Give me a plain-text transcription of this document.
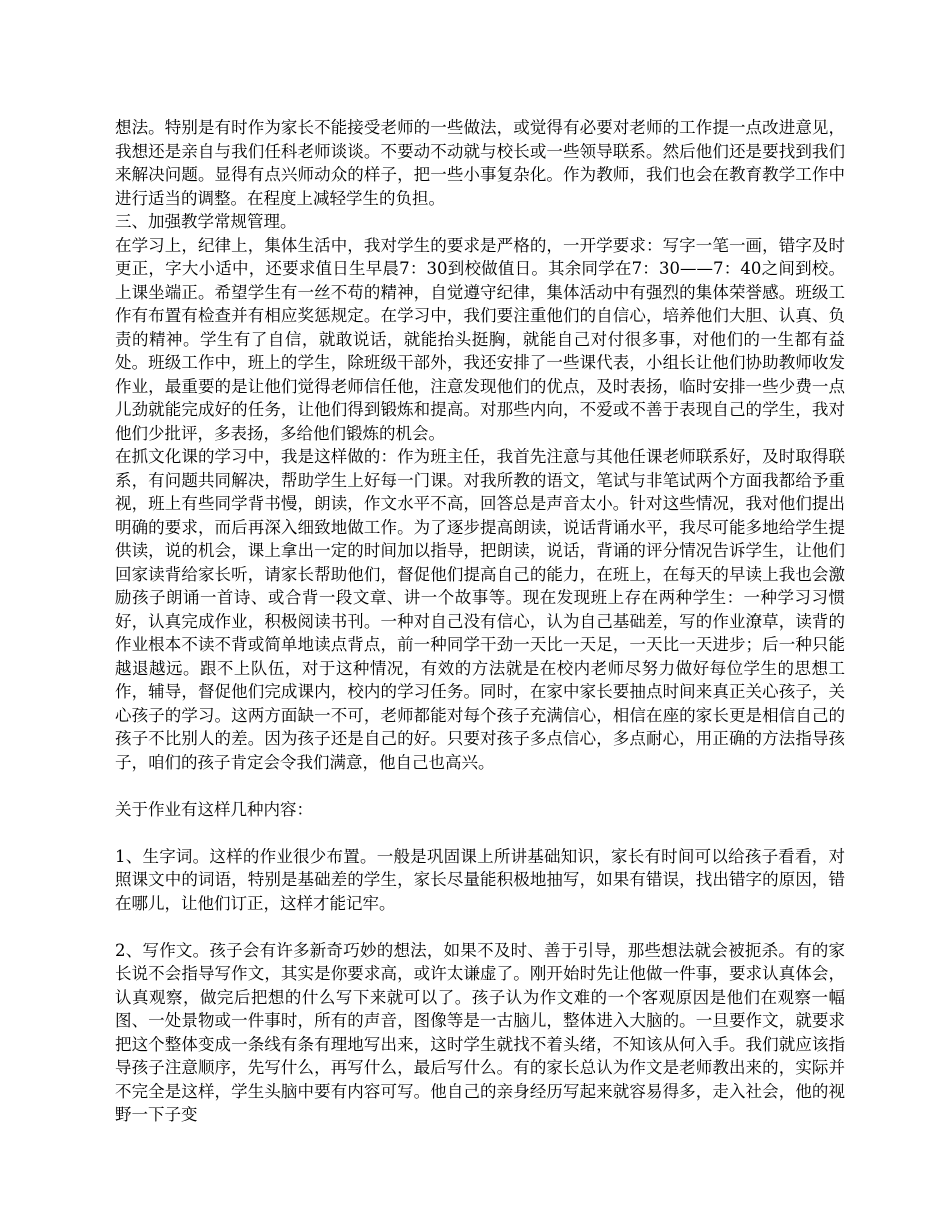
想法。特别是有时作为家长不能接受老师的一些做法，或觉得有必要对老师的工作提一点改进意见，我想还是亲自与我们任科老师谈谈。不要动不动就与校长或一些领导联系。然后他们还是要找到我们来解决问题。显得有点兴师动众的样子，把一些小事复杂化。作为教师，我们也会在教育教学工作中进行适当的调整。在程度上减轻学生的负担。

三、加强教学常规管理。

在学习上，纪律上，集体生活中，我对学生的要求是严格的，一开学要求：写字一笔一画，错字及时更正，字大小适中，还要求值日生早晨7：30到校做值日。其余同学在7：30——7：40之间到校。上课坐端正。希望学生有一丝不苟的精神，自觉遵守纪律，集体活动中有强烈的集体荣誉感。班级工作有布置有检查并有相应奖惩规定。在学习中，我们要注重他们的自信心，培养他们大胆、认真、负责的精神。学生有了自信，就敢说话，就能抬头挺胸，就能自己对付很多事，对他们的一生都有益处。班级工作中，班上的学生，除班级干部外，我还安排了一些课代表，小组长让他们协助教师收发作业，最重要的是让他们觉得老师信任他，注意发现他们的优点，及时表扬，临时安排一些少费一点儿劲就能完成好的任务，让他们得到锻炼和提高。对那些内向，不爱或不善于表现自己的学生，我对他们少批评，多表扬，多给他们锻炼的机会。

在抓文化课的学习中，我是这样做的：作为班主任，我首先注意与其他任课老师联系好，及时取得联系，有问题共同解决，帮助学生上好每一门课。对我所教的语文，笔试与非笔试两个方面我都给予重视，班上有些同学背书慢，朗读，作文水平不高，回答总是声音太小。针对这些情况，我对他们提出明确的要求，而后再深入细致地做工作。为了逐步提高朗读，说话背诵水平，我尽可能多地给学生提供读，说的机会，课上拿出一定的时间加以指导，把朗读，说话，背诵的评分情况告诉学生，让他们回家读背给家长听，请家长帮助他们，督促他们提高自己的能力，在班上，在每天的早读上我也会激励孩子朗诵一首诗、或合背一段文章、讲一个故事等。现在发现班上存在两种学生：一种学习习惯好，认真完成作业，积极阅读书刊。一种对自己没有信心，认为自己基础差，写的作业潦草，读背的作业根本不读不背或简单地读点背点，前一种同学干劲一天比一天足，一天比一天进步；后一种只能越退越远。跟不上队伍，对于这种情况，有效的方法就是在校内老师尽努力做好每位学生的思想工作，辅导，督促他们完成课内，校内的学习任务。同时，在家中家长要抽点时间来真正关心孩子，关心孩子的学习。这两方面缺一不可，老师都能对每个孩子充满信心，相信在座的家长更是相信自己的孩子不比别人的差。因为孩子还是自己的好。只要对孩子多点信心，多点耐心，用正确的方法指导孩子，咱们的孩子肯定会令我们满意，他自己也高兴。

关于作业有这样几种内容：

1、生字词。这样的作业很少布置。一般是巩固课上所讲基础知识，家长有时间可以给孩子看看，对照课文中的词语，特别是基础差的学生，家长尽量能积极地抽写，如果有错误，找出错字的原因，错在哪儿，让他们订正，这样才能记牢。

2、写作文。孩子会有许多新奇巧妙的想法，如果不及时、善于引导，那些想法就会被扼杀。有的家长说不会指导写作文，其实是你要求高，或许太谦虚了。刚开始时先让他做一件事，要求认真体会，认真观察，做完后把想的什么写下来就可以了。孩子认为作文难的一个客观原因是他们在观察一幅图、一处景物或一件事时，所有的声音，图像等是一古脑儿，整体进入大脑的。一旦要作文，就要求把这个整体变成一条线有条有理地写出来，这时学生就找不着头绪，不知该从何入手。我们就应该指导孩子注意顺序，先写什么，再写什么，最后写什么。有的家长总认为作文是老师教出来的，实际并不完全是这样，学生头脑中要有内容可写。他自己的亲身经历写起来就容易得多，走入社会，他的视野一下子变
